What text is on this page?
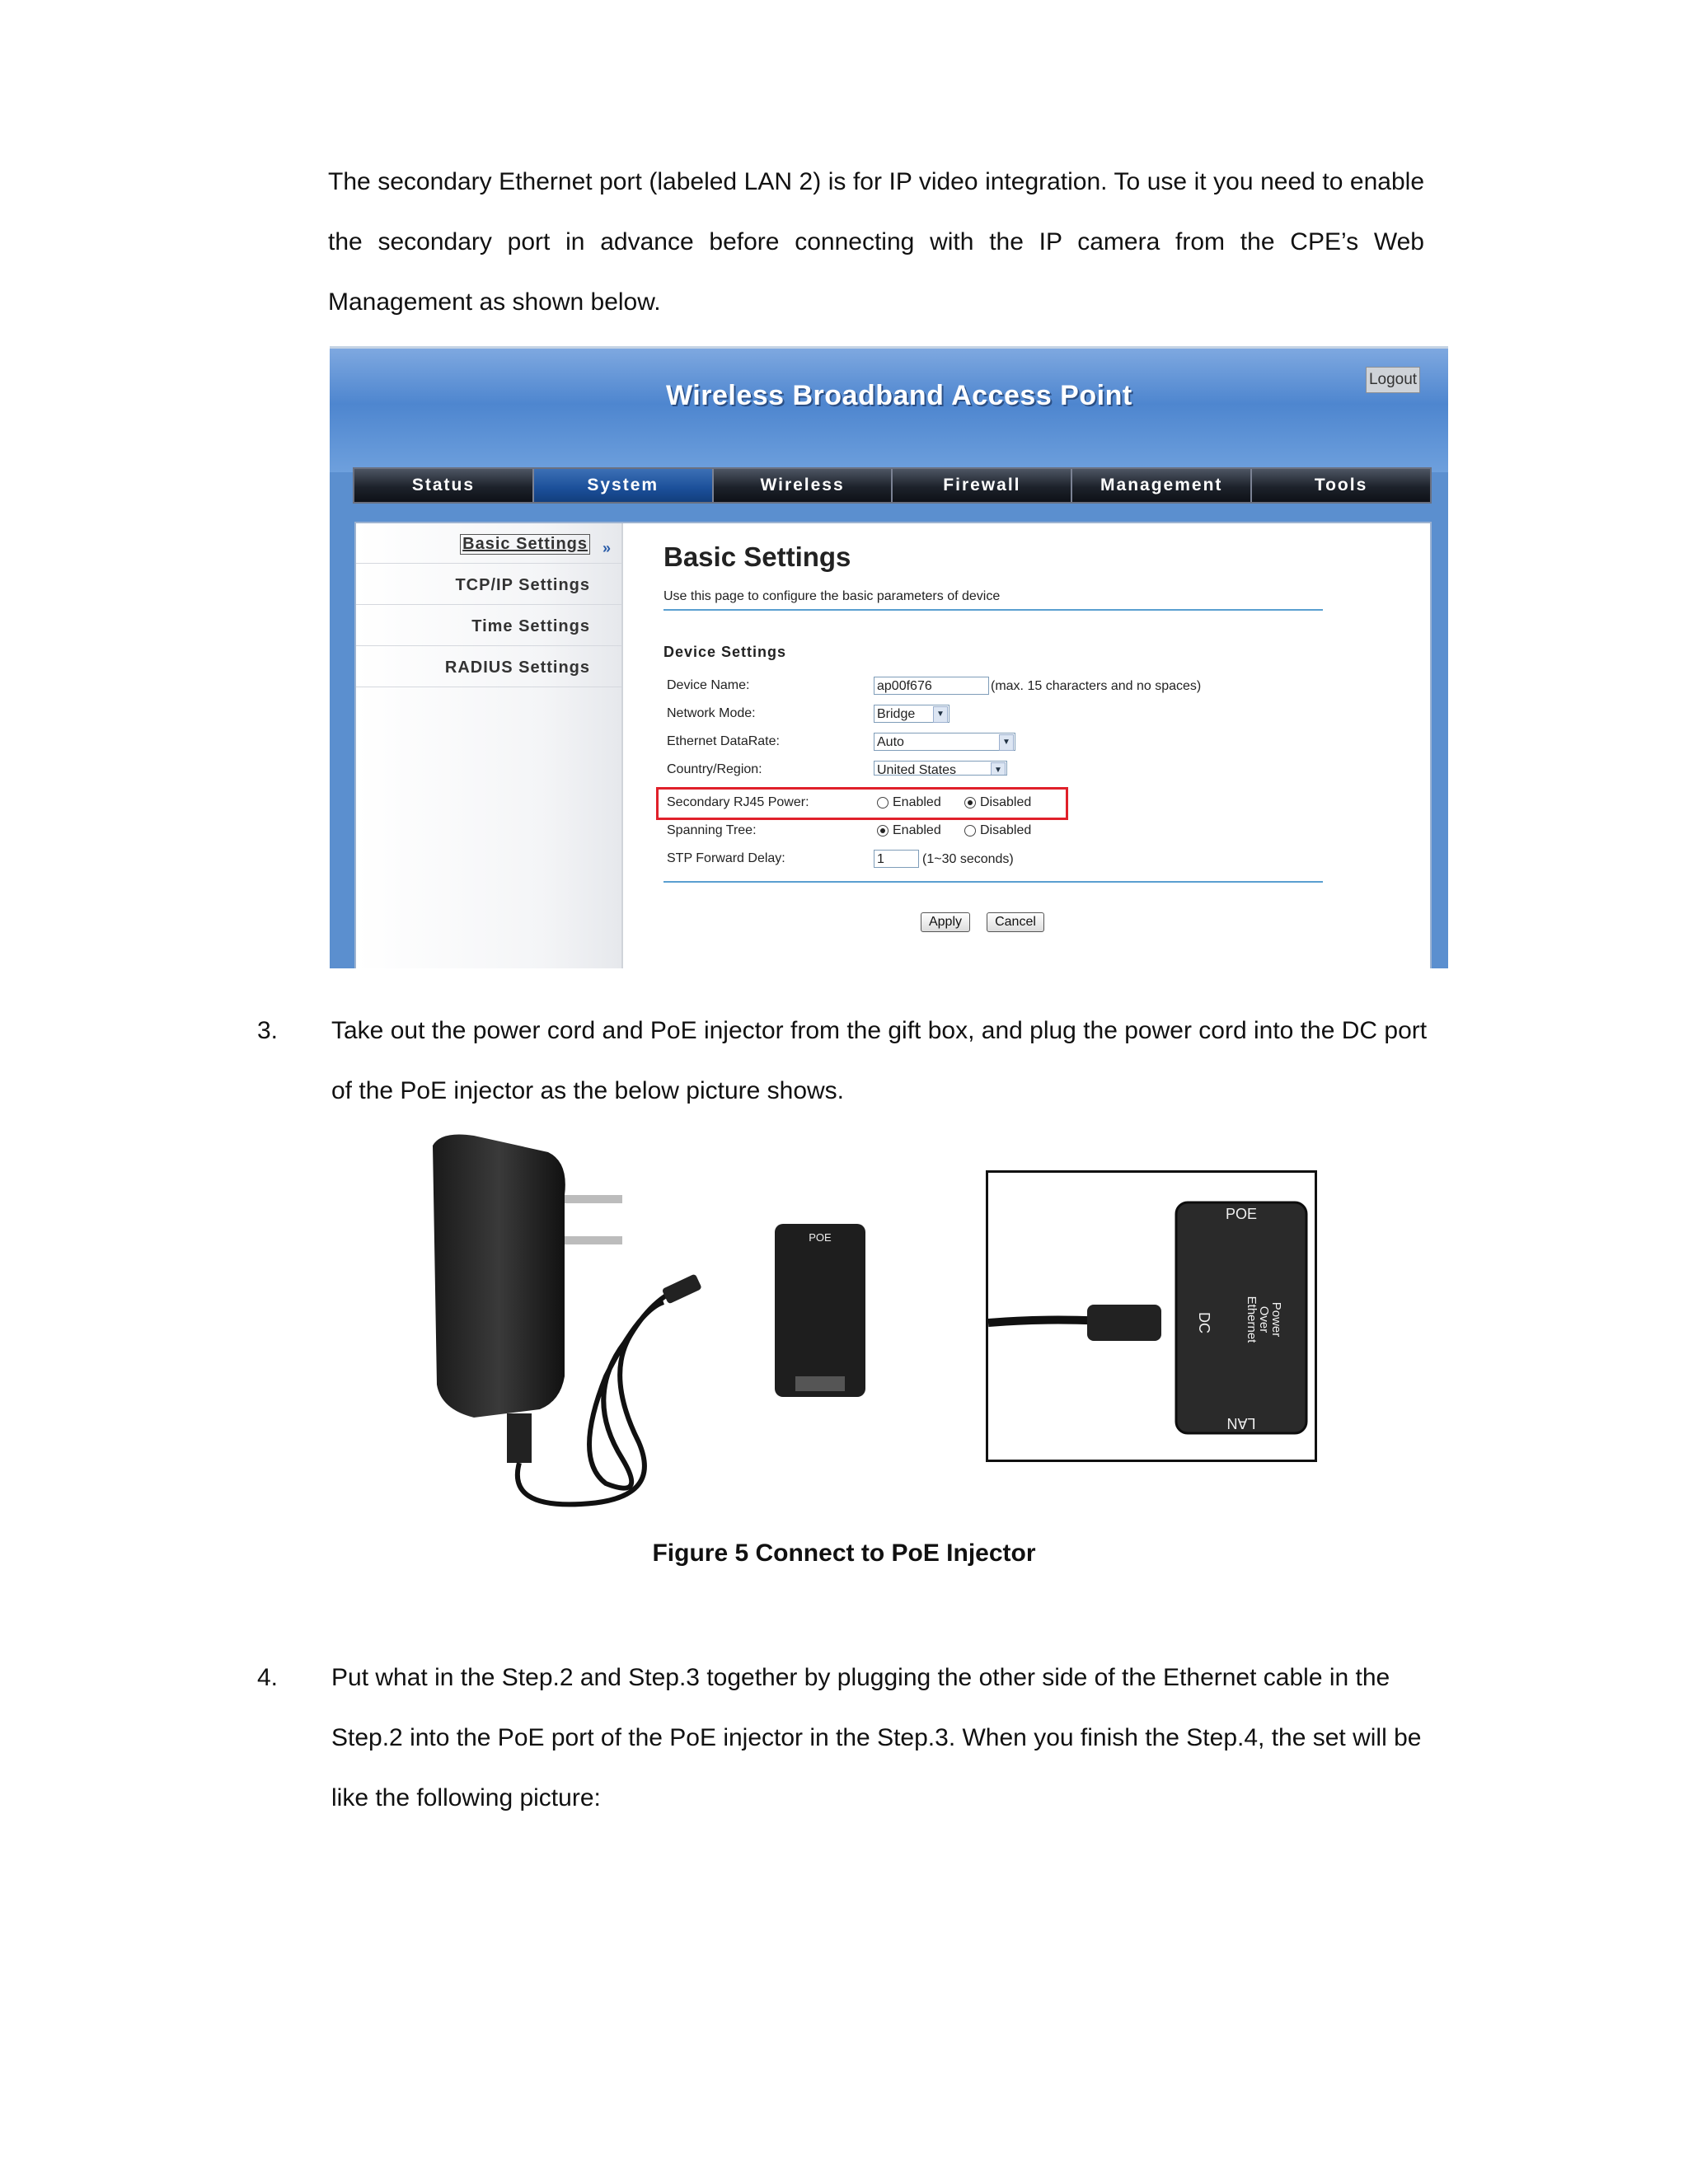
The secondary Ethernet port (labeled LAN 2) is for IP video integration. To use it you need to enable the secondary port in advance before connecting with the IP camera from the CPE’s Web Management as shown below.

Wireless Broadband Access Point
Logout
Status	System	Wireless	Firewall	Management	Tools
Basic Settings »
TCP/IP Settings
Time Settings
RADIUS Settings
Basic Settings
Use this page to configure the basic parameters of device
Device Settings
Device Name:	ap00f676	(max. 15 characters and no spaces)
Network Mode:	Bridge	▼
Ethernet DataRate:	Auto	▼
Country/Region:	United States	▼
Secondary RJ45 Power:	Enabled	Disabled
Spanning Tree:	Enabled	Disabled
STP Forward Delay:	1	(1~30 seconds)
Apply	Cancel
3. Take out the power cord and PoE injector from the gift box, and plug the power cord into the DC port of the PoE injector as the below picture shows.

POE
POE
DC
LAN
Power
Over
Ethernet
Figure 5 Connect to PoE Injector
4. Put what in the Step.2 and Step.3 together by plugging the other side of the Ethernet cable in the Step.2 into the PoE port of the PoE injector in the Step.3. When you finish the Step.4, the set will be like the following picture:
